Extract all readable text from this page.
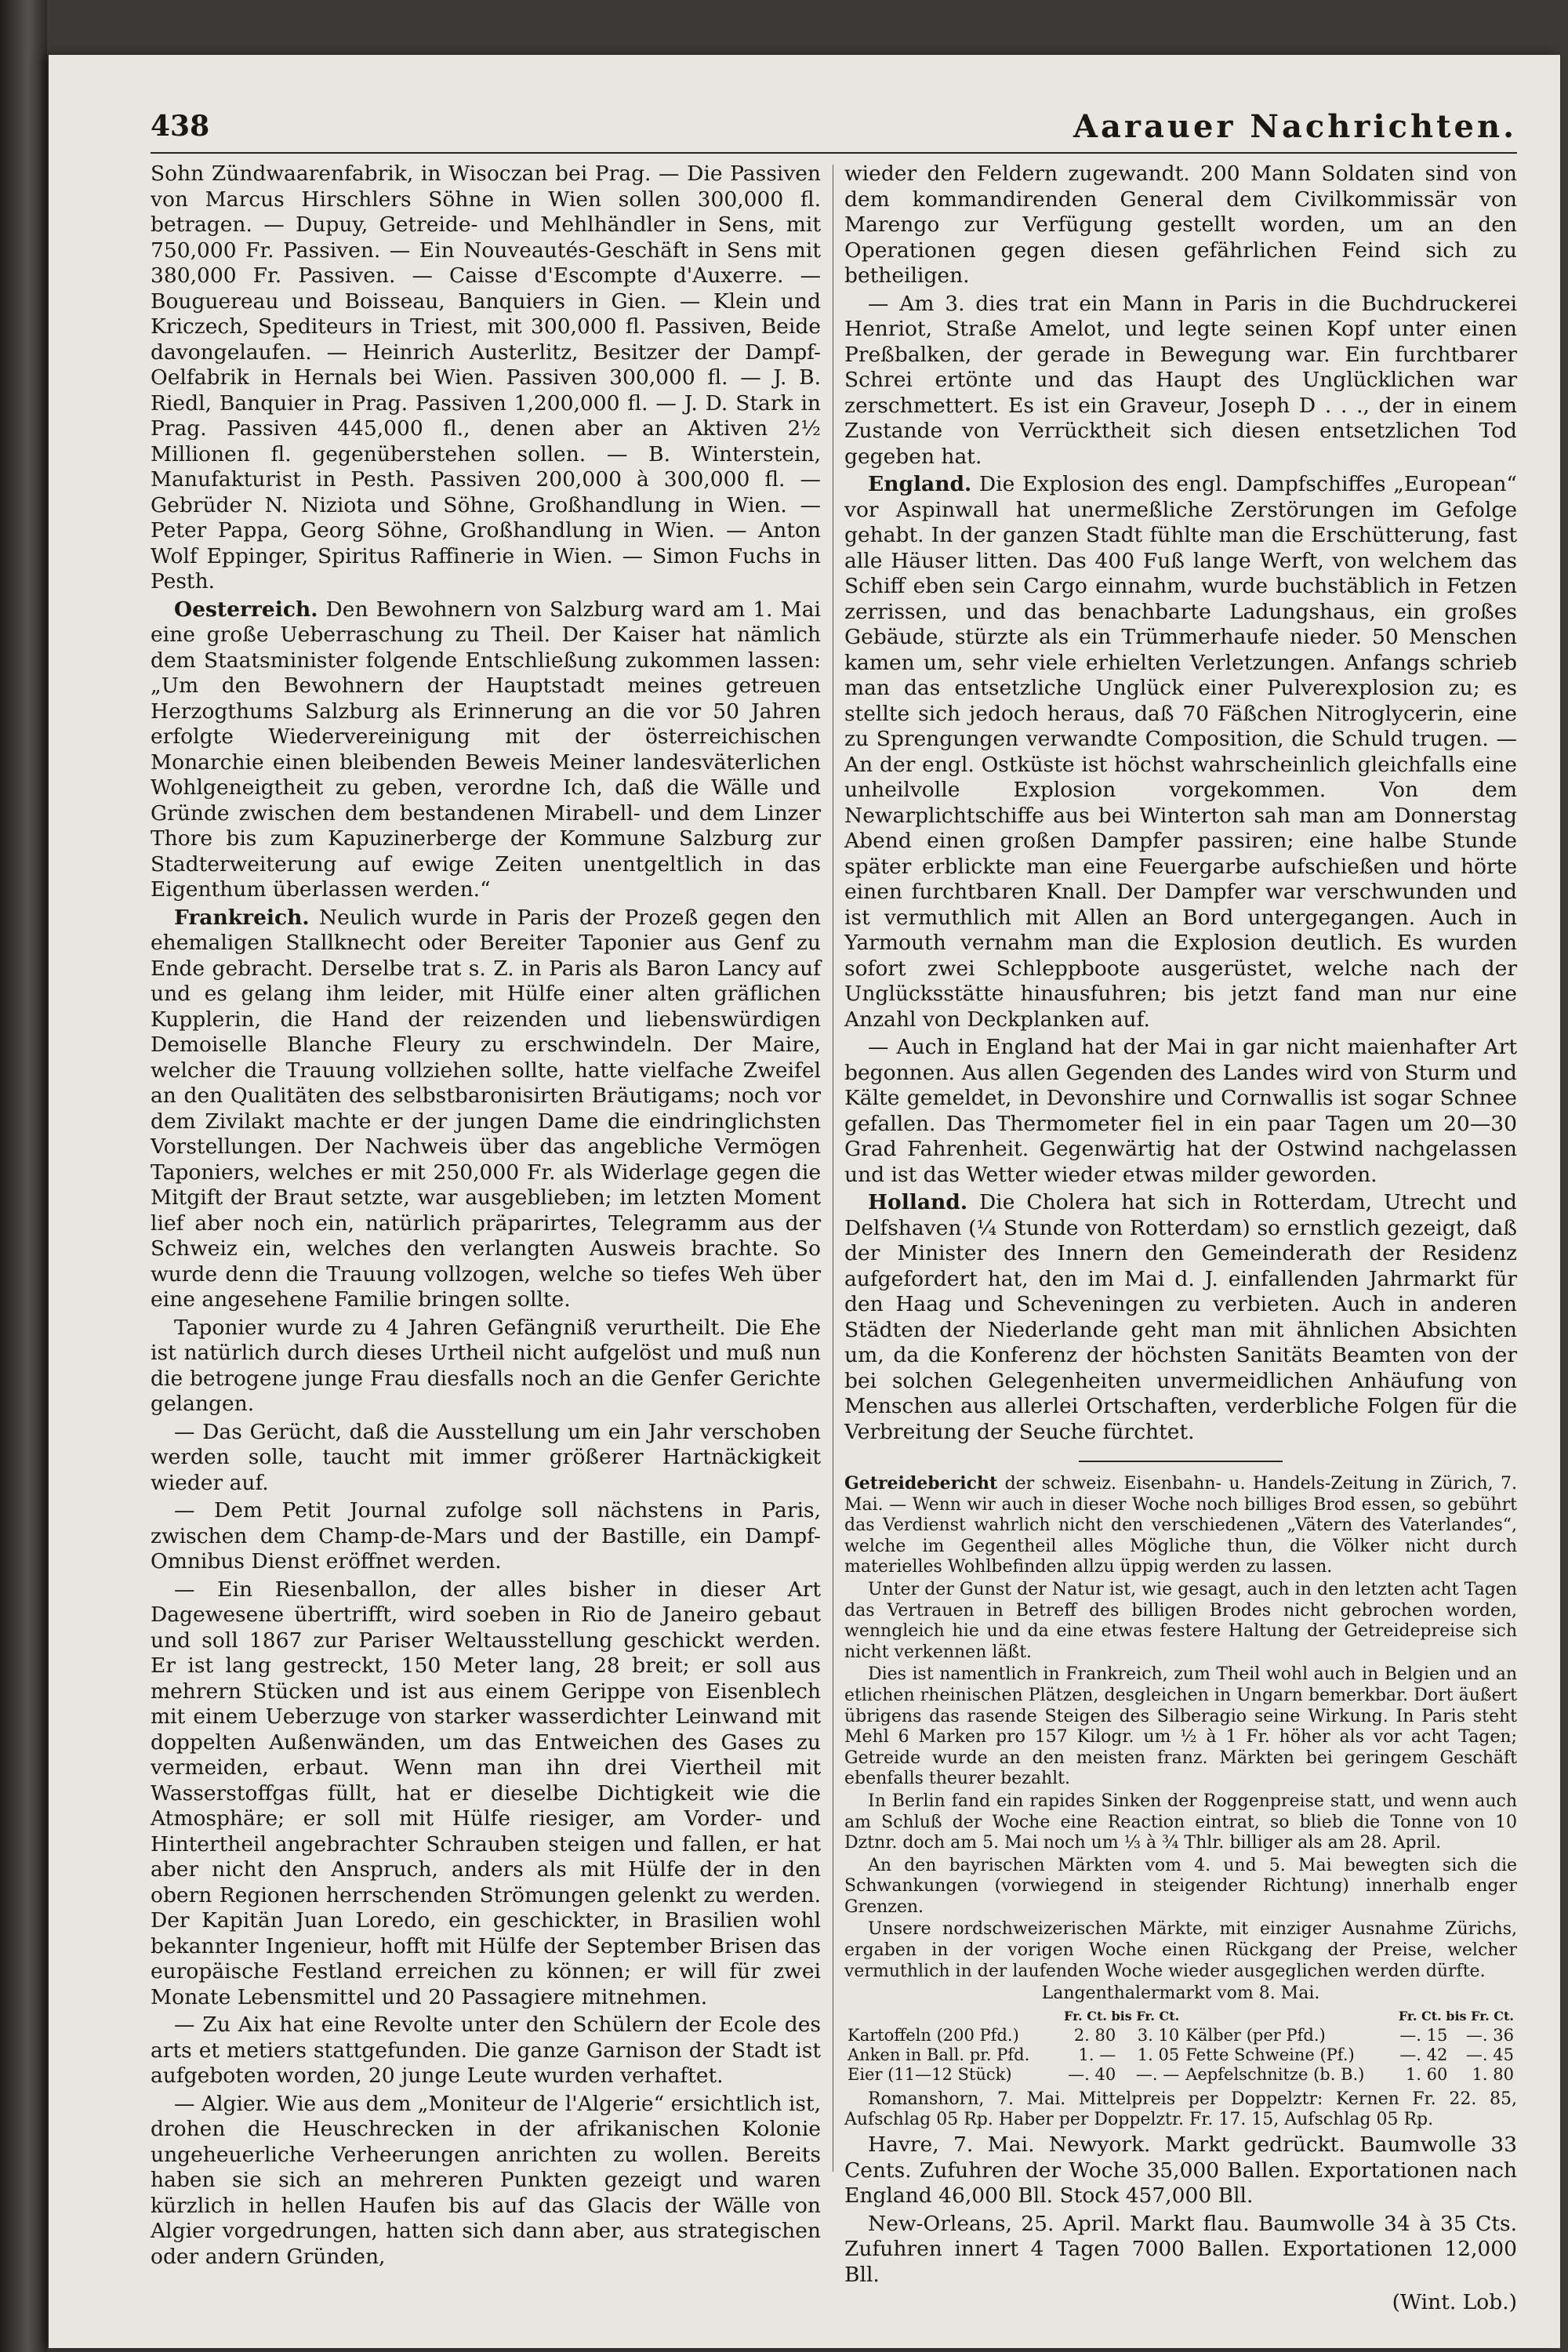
438	Aarauer Nachrichten.

Sohn Zündwaarenfabrik, in Wisoczan bei Prag. — Die Passiven von Marcus Hirschlers Söhne in Wien sollen 300,000 fl. betragen. — Dupuy, Getreide- und Mehlhändler in Sens, mit 750,000 Fr. Passiven. — Ein Nouveautés-Geschäft in Sens mit 380,000 Fr. Passiven. — Caisse d'Escompte d'Auxerre. — Bouguereau und Boisseau, Banquiers in Gien. — Klein und Kriczech, Spediteurs in Triest, mit 300,000 fl. Passiven, Beide davongelaufen. — Heinrich Austerlitz, Besitzer der Dampf-Oelfabrik in Hernals bei Wien. Passiven 300,000 fl. — J. B. Riedl, Banquier in Prag. Passiven 1,200,000 fl. — J. D. Stark in Prag. Passiven 445,000 fl., denen aber an Aktiven 2½ Millionen fl. gegenüberstehen sollen. — B. Winterstein, Manufakturist in Pesth. Passiven 200,000 à 300,000 fl. — Gebrüder N. Niziota und Söhne, Großhandlung in Wien. — Peter Pappa, Georg Söhne, Großhandlung in Wien. — Anton Wolf Eppinger, Spiritus Raffinerie in Wien. — Simon Fuchs in Pesth.

Oesterreich. Den Bewohnern von Salzburg ward am 1. Mai eine große Ueberraschung zu Theil. Der Kaiser hat nämlich dem Staatsminister folgende Entschließung zukommen lassen: „Um den Bewohnern der Hauptstadt meines getreuen Herzogthums Salzburg als Erinnerung an die vor 50 Jahren erfolgte Wiedervereinigung mit der österreichischen Monarchie einen bleibenden Beweis Meiner landesväterlichen Wohlgeneigtheit zu geben, verordne Ich, daß die Wälle und Gründe zwischen dem bestandenen Mirabell- und dem Linzer Thore bis zum Kapuzinerberge der Kommune Salzburg zur Stadterweiterung auf ewige Zeiten unentgeltlich in das Eigenthum überlassen werden.“

Frankreich. Neulich wurde in Paris der Prozeß gegen den ehemaligen Stallknecht oder Bereiter Taponier aus Genf zu Ende gebracht. Derselbe trat s. Z. in Paris als Baron Lancy auf und es gelang ihm leider, mit Hülfe einer alten gräflichen Kupplerin, die Hand der reizenden und liebenswürdigen Demoiselle Blanche Fleury zu erschwindeln. Der Maire, welcher die Trauung vollziehen sollte, hatte vielfache Zweifel an den Qualitäten des selbstbaronisirten Bräutigams; noch vor dem Zivilakt machte er der jungen Dame die eindringlichsten Vorstellungen. Der Nachweis über das angebliche Vermögen Taponiers, welches er mit 250,000 Fr. als Widerlage gegen die Mitgift der Braut setzte, war ausgeblieben; im letzten Moment lief aber noch ein, natürlich präparirtes, Telegramm aus der Schweiz ein, welches den verlangten Ausweis brachte. So wurde denn die Trauung vollzogen, welche so tiefes Weh über eine angesehene Familie bringen sollte.

Taponier wurde zu 4 Jahren Gefängniß verurtheilt. Die Ehe ist natürlich durch dieses Urtheil nicht aufgelöst und muß nun die betrogene junge Frau diesfalls noch an die Genfer Gerichte gelangen.

— Das Gerücht, daß die Ausstellung um ein Jahr verschoben werden solle, taucht mit immer größerer Hartnäckigkeit wieder auf.

— Dem Petit Journal zufolge soll nächstens in Paris, zwischen dem Champ-de-Mars und der Bastille, ein Dampf-Omnibus Dienst eröffnet werden.

— Ein Riesenballon, der alles bisher in dieser Art Dagewesene übertrifft, wird soeben in Rio de Janeiro gebaut und soll 1867 zur Pariser Weltausstellung geschickt werden. Er ist lang gestreckt, 150 Meter lang, 28 breit; er soll aus mehrern Stücken und ist aus einem Gerippe von Eisenblech mit einem Ueberzuge von starker wasserdichter Leinwand mit doppelten Außenwänden, um das Entweichen des Gases zu vermeiden, erbaut. Wenn man ihn drei Viertheil mit Wasserstoffgas füllt, hat er dieselbe Dichtigkeit wie die Atmosphäre; er soll mit Hülfe riesiger, am Vorder- und Hintertheil angebrachter Schrauben steigen und fallen, er hat aber nicht den Anspruch, anders als mit Hülfe der in den obern Regionen herrschenden Strömungen gelenkt zu werden. Der Kapitän Juan Loredo, ein geschickter, in Brasilien wohl bekannter Ingenieur, hofft mit Hülfe der September Brisen das europäische Festland erreichen zu können; er will für zwei Monate Lebensmittel und 20 Passagiere mitnehmen.

— Zu Aix hat eine Revolte unter den Schülern der Ecole des arts et metiers stattgefunden. Die ganze Garnison der Stadt ist aufgeboten worden, 20 junge Leute wurden verhaftet.

— Algier. Wie aus dem „Moniteur de l'Algerie“ ersichtlich ist, drohen die Heuschrecken in der afrikanischen Kolonie ungeheuerliche Verheerungen anrichten zu wollen. Bereits haben sie sich an mehreren Punkten gezeigt und waren kürzlich in hellen Haufen bis auf das Glacis der Wälle von Algier vorgedrungen, hatten sich dann aber, aus strategischen oder andern Gründen,

wieder den Feldern zugewandt. 200 Mann Soldaten sind von dem kommandirenden General dem Civilkommissär von Marengo zur Verfügung gestellt worden, um an den Operationen gegen diesen gefährlichen Feind sich zu betheiligen.

— Am 3. dies trat ein Mann in Paris in die Buchdruckerei Henriot, Straße Amelot, und legte seinen Kopf unter einen Preßbalken, der gerade in Bewegung war. Ein furchtbarer Schrei ertönte und das Haupt des Unglücklichen war zerschmettert. Es ist ein Graveur, Joseph D . . ., der in einem Zustande von Verrücktheit sich diesen entsetzlichen Tod gegeben hat.

England. Die Explosion des engl. Dampfschiffes „European“ vor Aspinwall hat unermeßliche Zerstörungen im Gefolge gehabt. In der ganzen Stadt fühlte man die Erschütterung, fast alle Häuser litten. Das 400 Fuß lange Werft, von welchem das Schiff eben sein Cargo einnahm, wurde buchstäblich in Fetzen zerrissen, und das benachbarte Ladungshaus, ein großes Gebäude, stürzte als ein Trümmerhaufe nieder. 50 Menschen kamen um, sehr viele erhielten Verletzungen. Anfangs schrieb man das entsetzliche Unglück einer Pulverexplosion zu; es stellte sich jedoch heraus, daß 70 Fäßchen Nitroglycerin, eine zu Sprengungen verwandte Composition, die Schuld trugen. — An der engl. Ostküste ist höchst wahrscheinlich gleichfalls eine unheilvolle Explosion vorgekommen. Von dem Newarplichtschiffe aus bei Winterton sah man am Donnerstag Abend einen großen Dampfer passiren; eine halbe Stunde später erblickte man eine Feuergarbe aufschießen und hörte einen furchtbaren Knall. Der Dampfer war verschwunden und ist vermuthlich mit Allen an Bord untergegangen. Auch in Yarmouth vernahm man die Explosion deutlich. Es wurden sofort zwei Schleppboote ausgerüstet, welche nach der Unglücksstätte hinausfuhren; bis jetzt fand man nur eine Anzahl von Deckplanken auf.

— Auch in England hat der Mai in gar nicht maienhafter Art begonnen. Aus allen Gegenden des Landes wird von Sturm und Kälte gemeldet, in Devonshire und Cornwallis ist sogar Schnee gefallen. Das Thermometer fiel in ein paar Tagen um 20—30 Grad Fahrenheit. Gegenwärtig hat der Ostwind nachgelassen und ist das Wetter wieder etwas milder geworden.

Holland. Die Cholera hat sich in Rotterdam, Utrecht und Delfshaven (¼ Stunde von Rotterdam) so ernstlich gezeigt, daß der Minister des Innern den Gemeinderath der Residenz aufgefordert hat, den im Mai d. J. einfallenden Jahrmarkt für den Haag und Scheveningen zu verbieten. Auch in anderen Städten der Niederlande geht man mit ähnlichen Absichten um, da die Konferenz der höchsten Sanitäts Beamten von der bei solchen Gelegenheiten unvermeidlichen Anhäufung von Menschen aus allerlei Ortschaften, verderbliche Folgen für die Verbreitung der Seuche fürchtet.

Getreidebericht der schweiz. Eisenbahn- u. Handels-Zeitung in Zürich, 7. Mai. — Wenn wir auch in dieser Woche noch billiges Brod essen, so gebührt das Verdienst wahrlich nicht den verschiedenen „Vätern des Vaterlandes“, welche im Gegentheil alles Mögliche thun, die Völker nicht durch materielles Wohlbefinden allzu üppig werden zu lassen.

Unter der Gunst der Natur ist, wie gesagt, auch in den letzten acht Tagen das Vertrauen in Betreff des billigen Brodes nicht gebrochen worden, wenngleich hie und da eine etwas festere Haltung der Getreidepreise sich nicht verkennen läßt.

Dies ist namentlich in Frankreich, zum Theil wohl auch in Belgien und an etlichen rheinischen Plätzen, desgleichen in Ungarn bemerkbar. Dort äußert übrigens das rasende Steigen des Silberagio seine Wirkung. In Paris steht Mehl 6 Marken pro 157 Kilogr. um ½ à 1 Fr. höher als vor acht Tagen; Getreide wurde an den meisten franz. Märkten bei geringem Geschäft ebenfalls theurer bezahlt.

In Berlin fand ein rapides Sinken der Roggenpreise statt, und wenn auch am Schluß der Woche eine Reaction eintrat, so blieb die Tonne von 10 Dztnr. doch am 5. Mai noch um ⅓ à ¾ Thlr. billiger als am 28. April.

An den bayrischen Märkten vom 4. und 5. Mai bewegten sich die Schwankungen (vorwiegend in steigender Richtung) innerhalb enger Grenzen.

Unsere nordschweizerischen Märkte, mit einziger Ausnahme Zürichs, ergaben in der vorigen Woche einen Rückgang der Preise, welcher vermuthlich in der laufenden Woche wieder ausgeglichen werden dürfte.

Langenthalermarkt vom 8. Mai.

	Fr. Ct. bis Fr. Ct.			Fr. Ct. bis Fr. Ct.	
Kartoffeln (200 Pfd.)	2. 80	3. 10	Kälber (per Pfd.)	—. 15	—. 36
Anken in Ball. pr. Pfd.	1. —	1. 05	Fette Schweine (Pf.)	—. 42	—. 45
Eier (11—12 Stück)	—. 40	—. —	Aepfelschnitze (b. B.)	1. 60	1. 80

Romanshorn, 7. Mai. Mittelpreis per Doppelztr: Kernen Fr. 22. 85, Aufschlag 05 Rp. Haber per Doppelztr. Fr. 17. 15, Aufschlag 05 Rp.

Havre, 7. Mai. Newyork. Markt gedrückt. Baumwolle 33 Cents. Zufuhren der Woche 35,000 Ballen. Exportationen nach England 46,000 Bll. Stock 457,000 Bll.

New-Orleans, 25. April. Markt flau. Baumwolle 34 à 35 Cts. Zufuhren innert 4 Tagen 7000 Ballen. Exportationen 12,000 Bll.

(Wint. Lob.)
